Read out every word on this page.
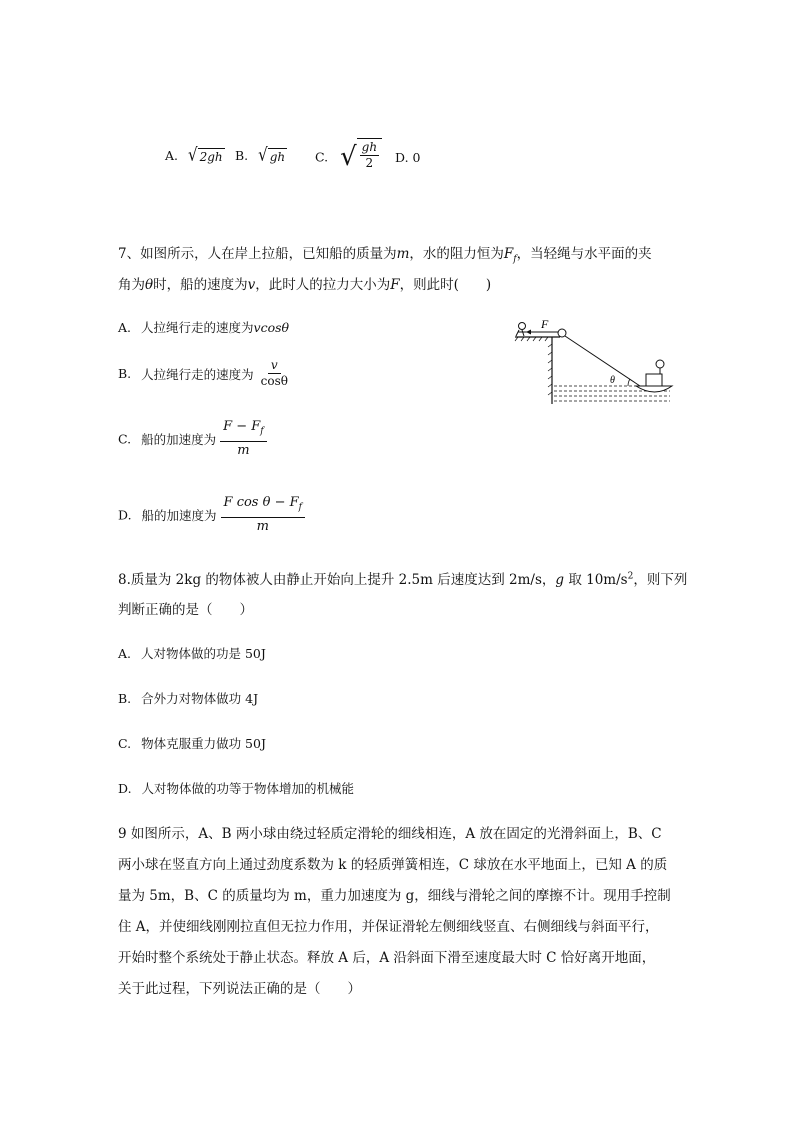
A. √ 2gh B. √ gh C. √ $\frac{gh}{2} D$. 0
7、如图所示，人在岸上拉船，已知船的质量为m，水的阻力恒为$F_f$，当轻绳与水平面的夹
角为θ时，船的速度为v，此时人的拉力大小为F，则此时(　　)
A. 人拉绳行走的速度为vcosθ
B. 人拉绳行走的速度为 $\frac{v}{\cos\theta}$
C. 船的加速度为 $\frac{F - F_f}{m}$
D. 船的加速度为 $\frac{F \cos \theta - F_f}{m}$
F
θ
8.质量为 2kg 的物体被人由静止开始向上提升 2.5m 后速度达到 2m/s，g 取 $10m/s^2$，则下列
判断正确的是（　　）
A. 人对物体做的功是 50J
B. 合外力对物体做功 4J
C. 物体克服重力做功 50J
D. 人对物体做的功等于物体增加的机械能
9 如图所示，A、B 两小球由绕过轻质定滑轮的细线相连，A 放在固定的光滑斜面上，B、C
两小球在竖直方向上通过劲度系数为 k 的轻质弹簧相连，C 球放在水平地面上，已知 A 的质
量为 5m，B、C 的质量均为 m，重力加速度为 g，细线与滑轮之间的摩擦不计。现用手控制
住 A，并使细线刚刚拉直但无拉力作用，并保证滑轮左侧细线竖直、右侧细线与斜面平行，
开始时整个系统处于静止状态。释放 A 后，A 沿斜面下滑至速度最大时 C 恰好离开地面，
关于此过程，下列说法正确的是（　　）
